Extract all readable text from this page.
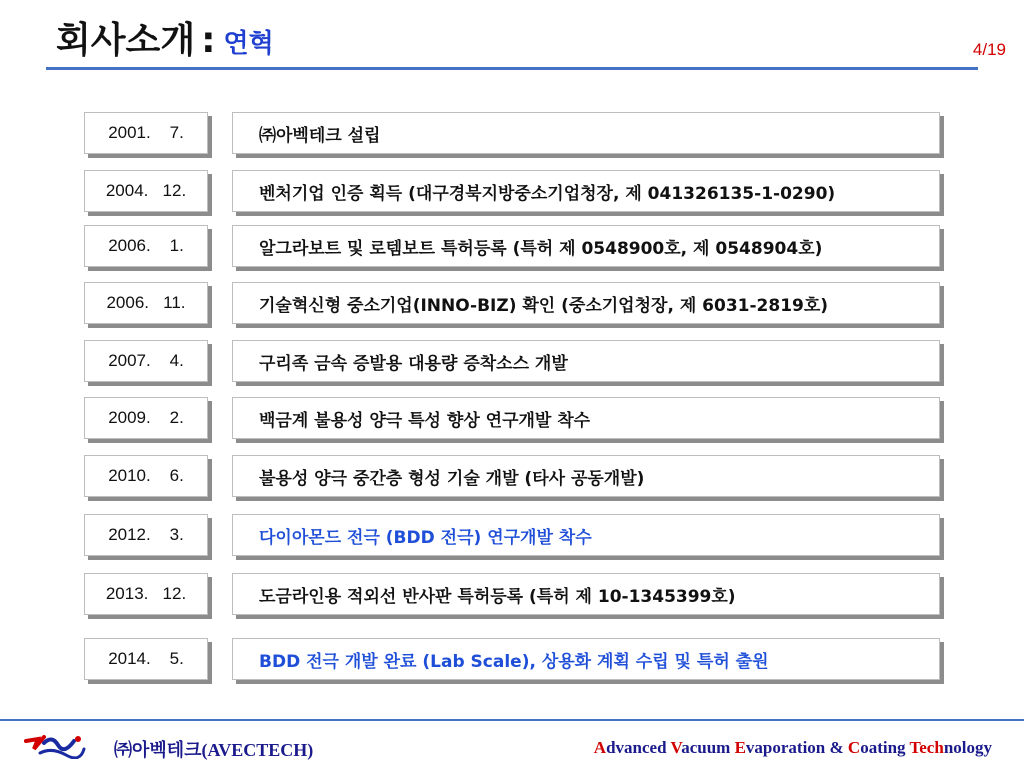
회사소개 : 연혁	4/19
2001.    7.	㈜아벡테크 설립
2004.   12.	벤처기업 인증 획득 (대구경북지방중소기업청장, 제 041326135-1-0290)
2006.    1.	알그라보트 및 로템보트 특허등록 (특허 제 0548900호, 제 0548904호)
2006.   11.	기술혁신형 중소기업(INNO-BIZ) 확인 (중소기업청장, 제 6031-2819호)
2007.    4.	구리족 금속 증발용 대용량 증착소스 개발
2009.    2.	백금계 불용성 양극 특성 향상 연구개발 착수
2010.    6.	불용성 양극 중간층 형성 기술 개발 (타사 공동개발)
2012.    3.	다이아몬드 전극 (BDD 전극) 연구개발 착수
2013.   12.	도금라인용 적외선 반사판 특허등록 (특허 제 10-1345399호)
2014.    5.	BDD 전극 개발 완료 (Lab Scale), 상용화 계획 수립 및 특허 출원
㈜아벡테크(AVECTECH)	Advanced Vacuum Evaporation & Coating Technology
